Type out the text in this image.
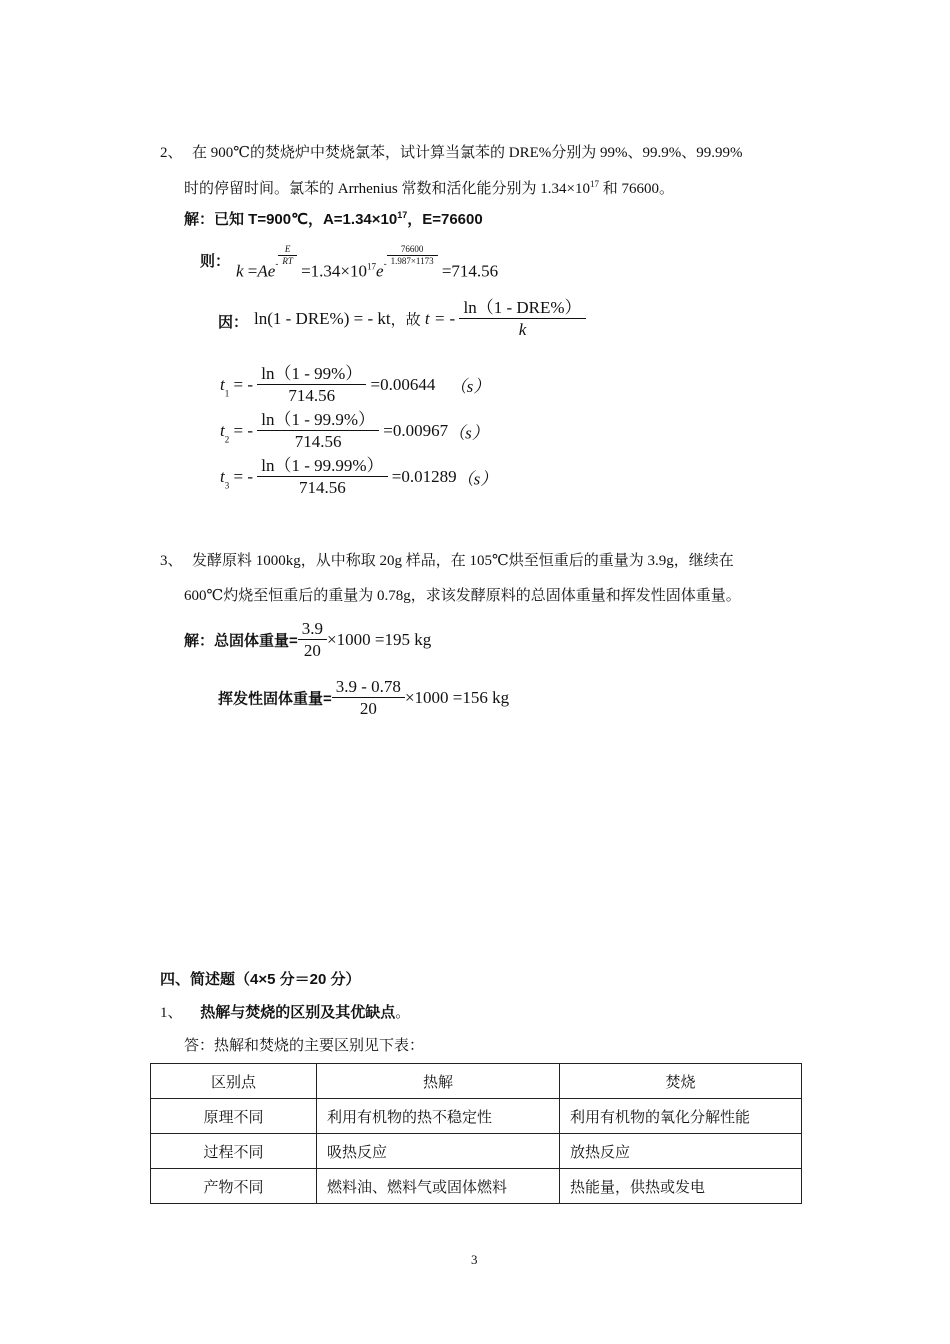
2、 在 900℃的焚烧炉中焚烧氯苯，试计算当氯苯的 DRE%分别为 99%、99.9%、99.99%
时的停留时间。氯苯的 Arrhenius 常数和活化能分别为 $1.34\times 10^{17}$ 和 76600。
解：已知 T=900℃，$A=1.34\times 10^{17}$，E=76600
则： $k =Ae^- \frac{E}{RT}$
$=1.34\times 10^{17}e^- \frac{76600}{1.987\times 1173}$
=714.56
因： ln(1 - DRE%) = - kt，故 t = - $\frac{\text{ln（1 - DRE\%）}}{k}$
$t_1$ = - $\frac{\ln(1 - 99\%)}{714.56} =0.00644$ （s）
$t_2$ = - $\frac{\ln(1 - 99.9\%)}{714.56} =0.00967(s)$
$t_3$ = - $\frac{\ln(1 - 99.99\%)}{714.56} =0.01289(s)$
3、 发酵原料 1000kg，从中称取 20g 样品，在 105℃烘至恒重后的重量为 3.9g，继续在
600℃灼烧至恒重后的重量为 0.78g，求该发酵原料的总固体重量和挥发性固体重量。
解：总固体重量= $\frac{3.9}{20} \times 1000 =195$ kg
挥发性固体重量= $\frac{3.9 - 0.78}{20} \times 1000 =156$ kg
四、简述题（4×5 分＝20 分）
1、 热解与焚烧的区别及其优缺点。
答：热解和焚烧的主要区别见下表：
区别点	热解	焚烧
原理不同	利用有机物的热不稳定性	利用有机物的氧化分解性能
过程不同	吸热反应	放热反应
产物不同	燃料油、燃料气或固体燃料	热能量，供热或发电
3
